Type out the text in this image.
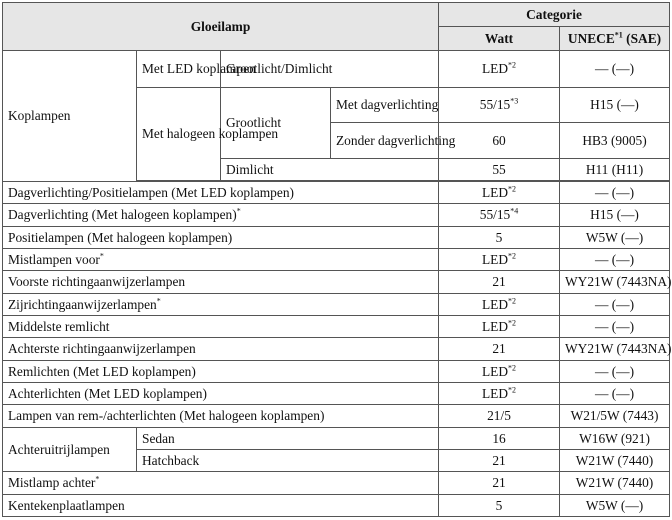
Gloeilamp				Categorie	
				Watt	UNECE$^{*1}$ (SAE)
Koplampen	Met LED koplampen	Grootlicht/Dimlicht		LED$^{*2}$	— (—)
	Met halogeen koplampen	Grootlicht	Met dagverlichting	55/15$^{*3}$	H15 (—)
			Zonder dagverlichting	60	HB3 (9005)
		Dimlicht		55	H11 (H11)

Dagverlichting/Positielampen (Met LED koplampen)				LED$^{*2}$	— (—)
Dagverlichting (Met halogeen koplampen)*				55/15$^{*4}$	H15 (—)
Positielampen (Met halogeen koplampen)				5	W5W (—)
Mistlampen voor*				LED$^{*2}$	— (—)
Voorste richtingaanwijzerlampen				21	WY21W (7443NA)
Zijrichtingaanwijzerlampen*				LED$^{*2}$	— (—)
Middelste remlicht				LED$^{*2}$	— (—)
Achterste richtingaanwijzerlampen				21	WY21W (7443NA)
Remlichten (Met LED koplampen)				LED$^{*2}$	— (—)
Achterlichten (Met LED koplampen)				LED$^{*2}$	— (—)
Lampen van rem-/achterlichten (Met halogeen koplampen)				21/5	W21/5W (7443)
Achteruitrijlampen	Sedan			16	W16W (921)
	Hatchback			21	W21W (7440)
Mistlamp achter*				21	W21W (7440)
Kentekenplaatlampen				5	W5W (—)
